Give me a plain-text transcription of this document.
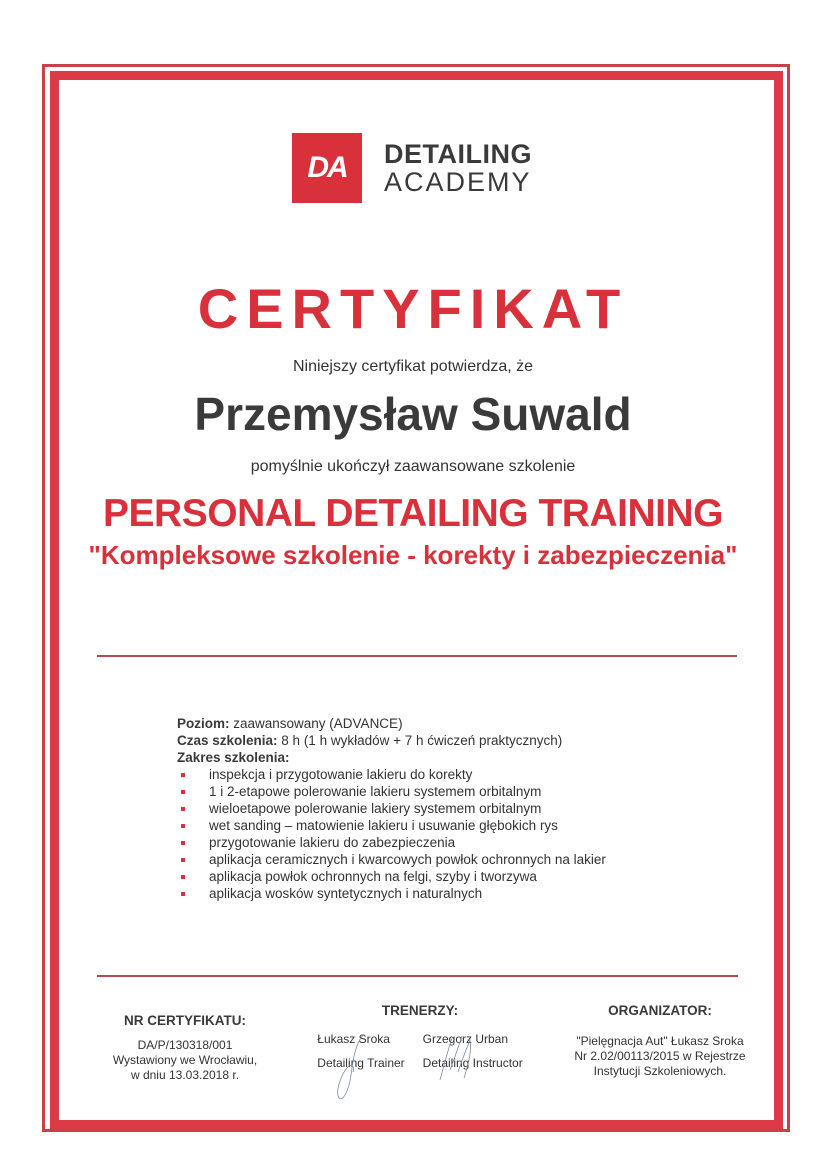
DA	DETAILING
ACADEMY
CERTYFIKAT
Niniejszy certyfikat potwierdza, że
Przemysław Suwald
pomyślnie ukończył zaawansowane szkolenie
PERSONAL DETAILING TRAINING
"Kompleksowe szkolenie - korekty i zabezpieczenia"
Poziom: zaawansowany (ADVANCE)
Czas szkolenia: 8 h (1 h wykładów + 7 h ćwiczeń praktycznych)
Zakres szkolenia:
inspekcja i przygotowanie lakieru do korekty
1 i 2-etapowe polerowanie lakieru systemem orbitalnym
wieloetapowe polerowanie lakiery systemem orbitalnym
wet sanding – matowienie lakieru i usuwanie głębokich rys
przygotowanie lakieru do zabezpieczenia
aplikacja ceramicznych i kwarcowych powłok ochronnych na lakier
aplikacja powłok ochronnych na felgi, szyby i tworzywa
aplikacja wosków syntetycznych i naturalnych
NR CERTYFIKATU:
DA/P/130318/001
Wystawiony we Wrocławiu,
w dniu 13.03.2018 r.
TRENERZY:
Łukasz Sroka
Detailing Trainer
Grzegorz Urban
Detailing Instructor
ORGANIZATOR:
"Pielęgnacja Aut" Łukasz Sroka
Nr 2.02/00113/2015 w Rejestrze
Instytucji Szkoleniowych.
